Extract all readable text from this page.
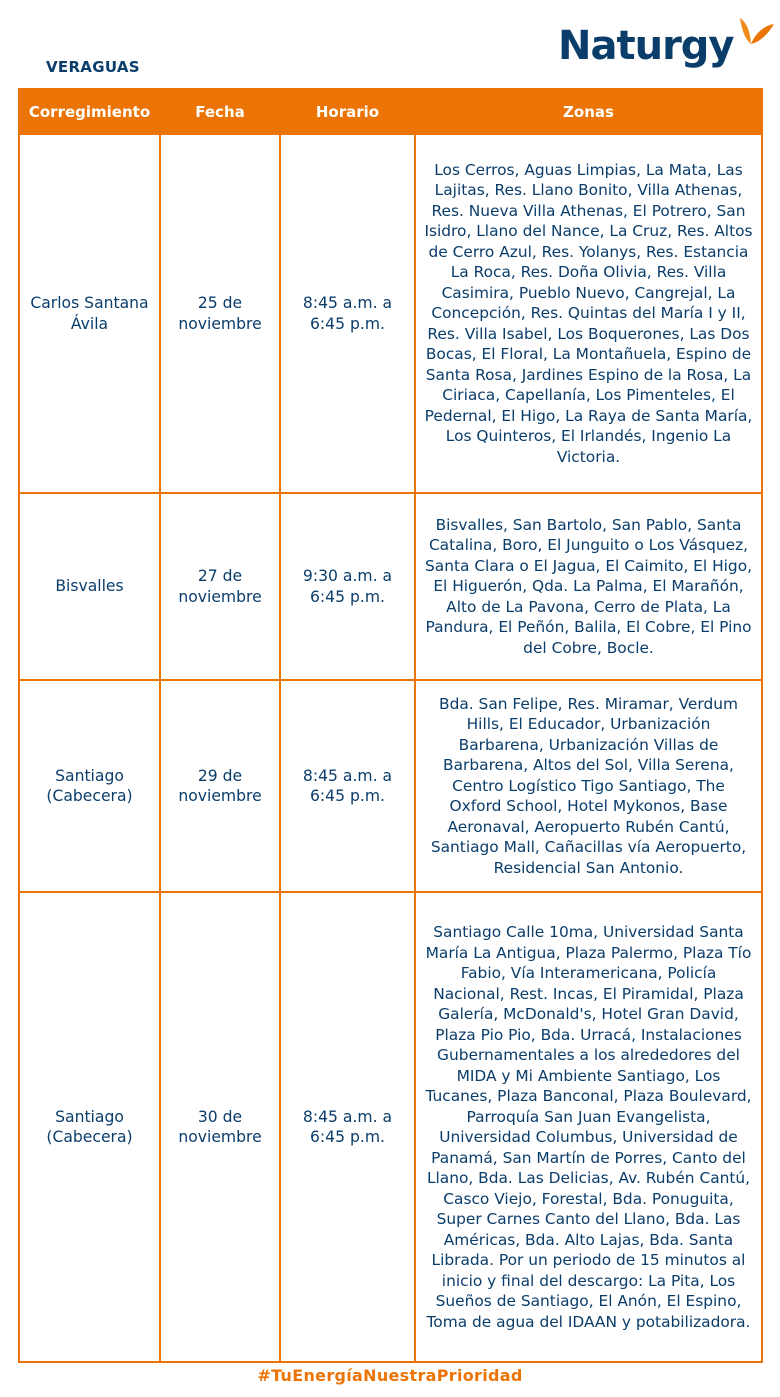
VERAGUAS	Naturgy
Corregimiento	Fecha	Horario	Zonas
Carlos Santana Ávila	25 de noviembre	8:45 a.m. a 6:45 p.m.	Los Cerros, Aguas Limpias, La Mata, Las Lajitas, Res. Llano Bonito, Villa Athenas, Res. Nueva Villa Athenas, El Potrero, San Isidro, Llano del Nance, La Cruz, Res. Altos de Cerro Azul, Res. Yolanys, Res. Estancia La Roca, Res. Doña Olivia, Res. Villa Casimira, Pueblo Nuevo, Cangrejal, La Concepción, Res. Quintas del María I y II, Res. Villa Isabel, Los Boquerones, Las Dos Bocas, El Floral, La Montañuela, Espino de Santa Rosa, Jardines Espino de la Rosa, La Ciriaca, Capellanía, Los Pimenteles, El Pedernal, El Higo, La Raya de Santa María, Los Quinteros, El Irlandés, Ingenio La Victoria.
Bisvalles	27 de noviembre	9:30 a.m. a 6:45 p.m.	Bisvalles, San Bartolo, San Pablo, Santa Catalina, Boro, El Junguito o Los Vásquez, Santa Clara o El Jagua, El Caimito, El Higo, El Higuerón, Qda. La Palma, El Marañón, Alto de La Pavona, Cerro de Plata, La Pandura, El Peñón, Balila, El Cobre, El Pino del Cobre, Bocle.
Santiago (Cabecera)	29 de noviembre	8:45 a.m. a 6:45 p.m.	Bda. San Felipe, Res. Miramar, Verdum Hills, El Educador, Urbanización Barbarena, Urbanización Villas de Barbarena, Altos del Sol, Villa Serena, Centro Logístico Tigo Santiago, The Oxford School, Hotel Mykonos, Base Aeronaval, Aeropuerto Rubén Cantú, Santiago Mall, Cañacillas vía Aeropuerto, Residencial San Antonio.
Santiago (Cabecera)	30 de noviembre	8:45 a.m. a 6:45 p.m.	Santiago Calle 10ma, Universidad Santa María La Antigua, Plaza Palermo, Plaza Tío Fabio, Vía Interamericana, Policía Nacional, Rest. Incas, El Piramidal, Plaza Galería, McDonald's, Hotel Gran David, Plaza Pio Pio, Bda. Urracá, Instalaciones Gubernamentales a los alrededores del MIDA y Mi Ambiente Santiago, Los Tucanes, Plaza Banconal, Plaza Boulevard, Parroquía San Juan Evangelista, Universidad Columbus, Universidad de Panamá, San Martín de Porres, Canto del Llano, Bda. Las Delicias, Av. Rubén Cantú, Casco Viejo, Forestal, Bda. Ponuguita, Super Carnes Canto del Llano, Bda. Las Américas, Bda. Alto Lajas, Bda. Santa Librada. Por un periodo de 15 minutos al inicio y final del descargo: La Pita, Los Sueños de Santiago, El Anón, El Espino, Toma de agua del IDAAN y potabilizadora.
#TuEnergíaNuestraPrioridad
